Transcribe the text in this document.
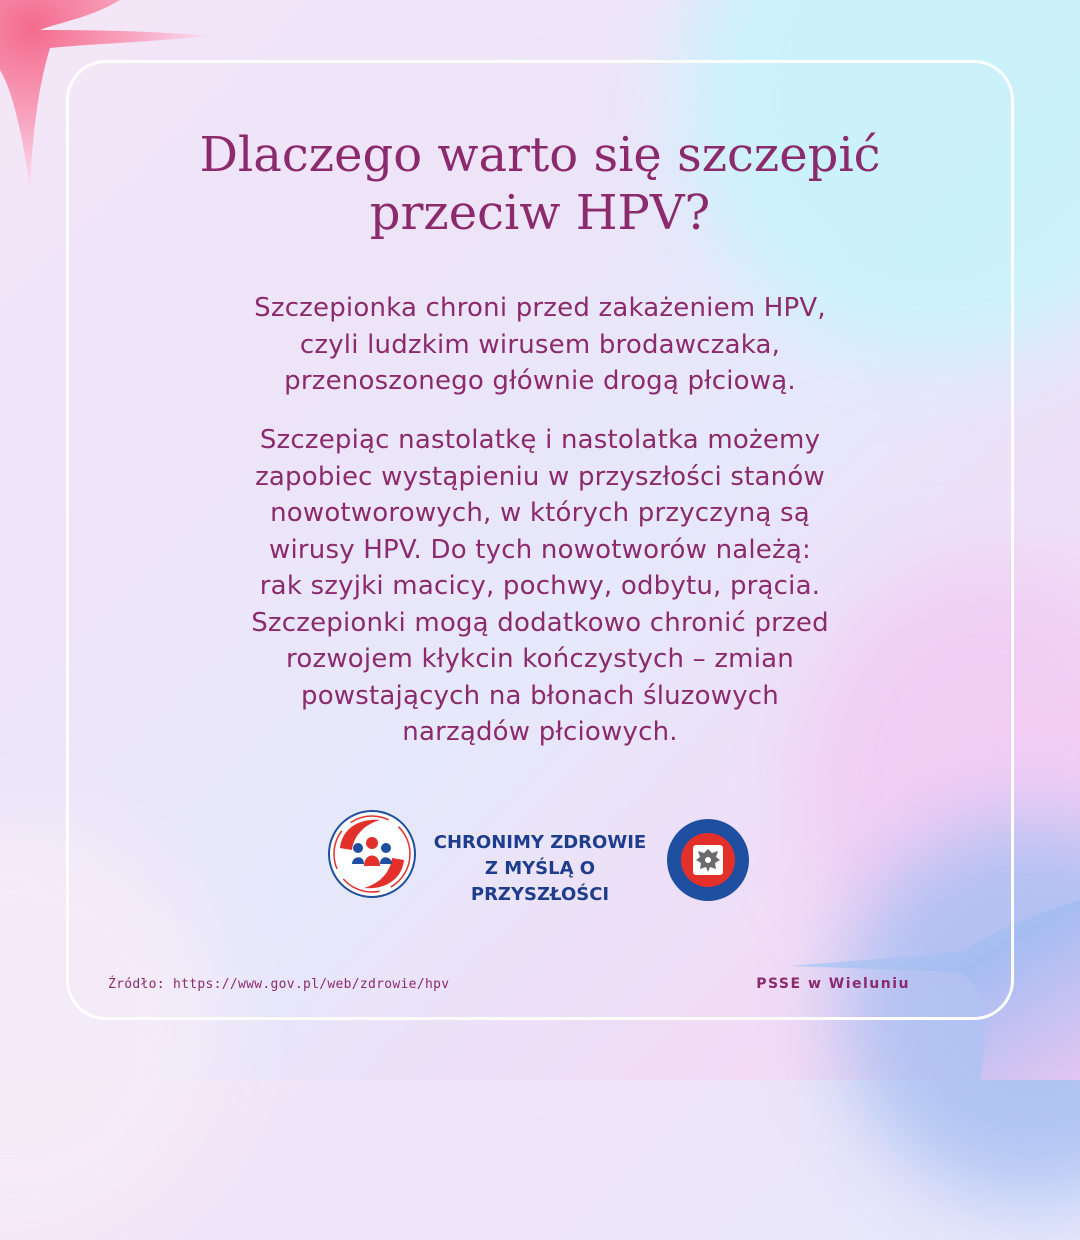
Dlaczego warto się szczepić
przeciw HPV?

Szczepionka chroni przed zakażeniem HPV,
czyli ludzkim wirusem brodawczaka,
przenoszonego głównie drogą płciową.

Szczepiąc nastolatkę i nastolatka możemy
zapobiec wystąpieniu w przyszłości stanów
nowotworowych, w których przyczyną są
wirusy HPV. Do tych nowotworów należą:
rak szyjki macicy, pochwy, odbytu, prącia.
Szczepionki mogą dodatkowo chronić przed
rozwojem kłykcin kończystych – zmian
powstających na błonach śluzowych
narządów płciowych.

CHRONIMY ZDROWIE
Z MYŚLĄ O PRZYSZŁOŚCI
Źródło: https://www.gov.pl/web/zdrowie/hpv	PSSE w Wieluniu
